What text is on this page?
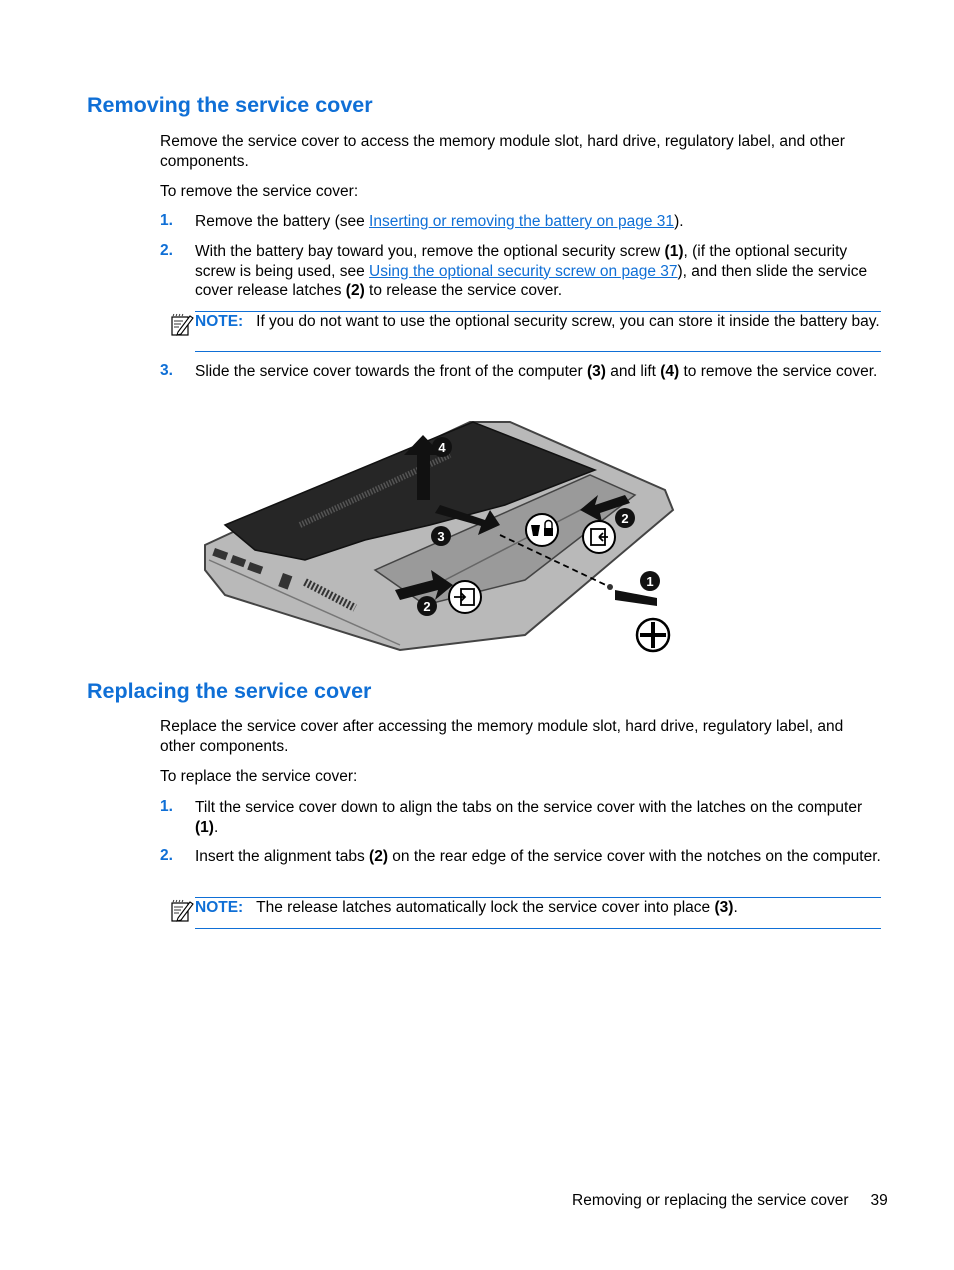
Removing the service cover

Remove the service cover to access the memory module slot, hard drive, regulatory label, and other components.

To remove the service cover:

1. Remove the battery (see Inserting or removing the battery on page 31).

2. With the battery bay toward you, remove the optional security screw (1), (if the optional security screw is being used, see Using the optional security screw on page 37), and then slide the service cover release latches (2) to release the service cover.

NOTE: If you do not want to use the optional security screw, you can store it inside the battery bay.

3. Slide the service cover towards the front of the computer (3) and lift (4) to remove the service cover.

4
3
2
2
1
Replacing the service cover

Replace the service cover after accessing the memory module slot, hard drive, regulatory label, and other components.

To replace the service cover:

1. Tilt the service cover down to align the tabs on the service cover with the latches on the computer (1).

2. Insert the alignment tabs (2) on the rear edge of the service cover with the notches on the computer.

NOTE: The release latches automatically lock the service cover into place (3).

Removing or replacing the service cover 39
